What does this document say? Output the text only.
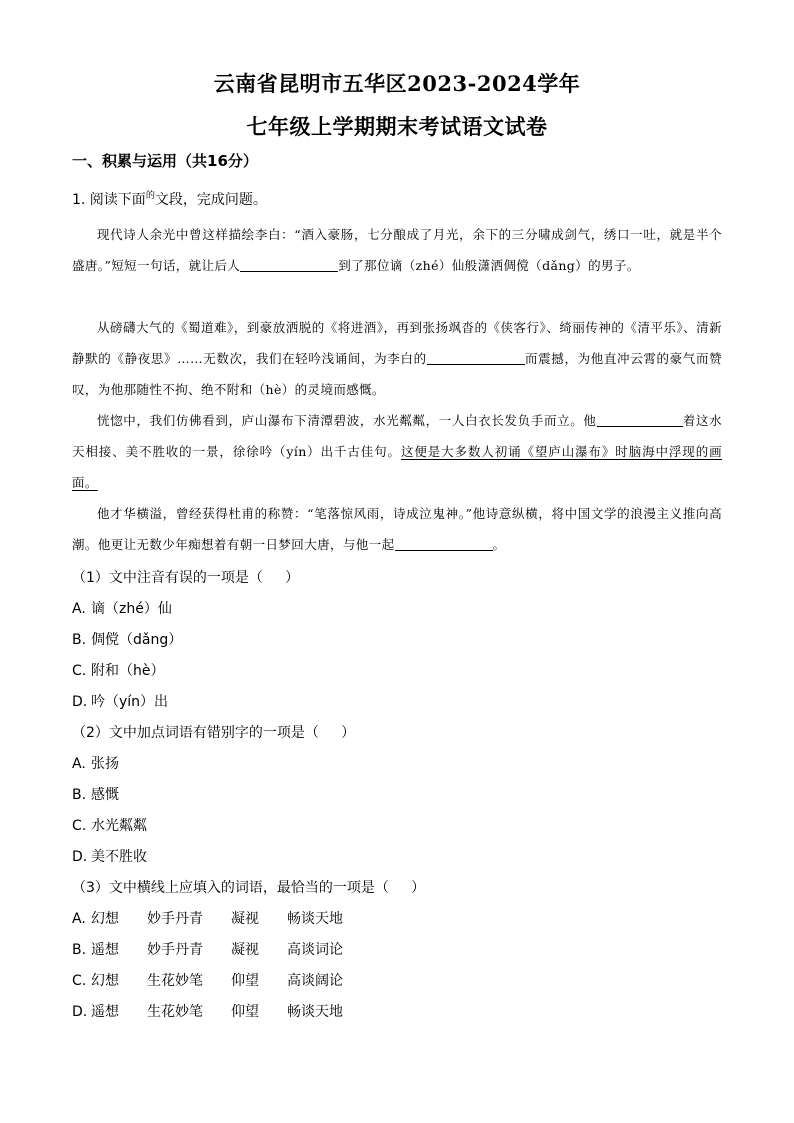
云南省昆明市五华区2023-2024学年
七年级上学期期末考试语文试卷
一、积累与运用（共16分）
1. 阅读下面$^的$文段，完成问题。
现代诗人余光中曾这样描绘李白：“酒入豪肠，七分酿成了月光，余下的三分啸成剑气，绣口一吐，就是半个盛唐。”短短一句话，就让后人	到了那位谪（zhé）仙般潇洒倜傥（dǎng）的男子。
从磅礴大气的《蜀道难》，到豪放洒脱的《将进酒》，再到张扬飒沓的《侠客行》、绮丽传神的《清平乐》、清新静默的《静夜思》……无数次，我们在轻吟浅诵间，为李白的	而震撼，为他直冲云霄的豪气而赞叹，为他那随性不拘、绝不附和（hè）的灵境而感慨。
恍惚中，我们仿佛看到，庐山瀑布下清潭碧波，水光粼粼，一人白衣长发负手而立。他	着这水天相接、美不胜收的一景，徐徐吟（yín）出千古佳句。这便是大多数人初诵《望庐山瀑布》时脑海中浮现的画面。
他才华横溢，曾经获得杜甫的称赞：“笔落惊风雨，诗成泣鬼神。”他诗意纵横，将中国文学的浪漫主义推向高潮。他更让无数少年痴想着有朝一日梦回大唐，与他一起	。
（1）文中注音有误的一项是（     ）
A. 谪（zhé）仙
B. 倜傥（dǎng）
C. 附和（hè）
D. 吟（yín）出
（2）文中加点词语有错别字的一项是（     ）
A. 张扬
B. 感慨
C. 水光粼粼
D. 美不胜收
（3）文中横线上应填入的词语，最恰当的一项是（     ）
A. 幻想 妙手丹青 凝视 畅谈天地
B. 遥想 妙手丹青 凝视 高谈词论
C. 幻想 生花妙笔 仰望 高谈阔论
D. 遥想 生花妙笔 仰望 畅谈天地
